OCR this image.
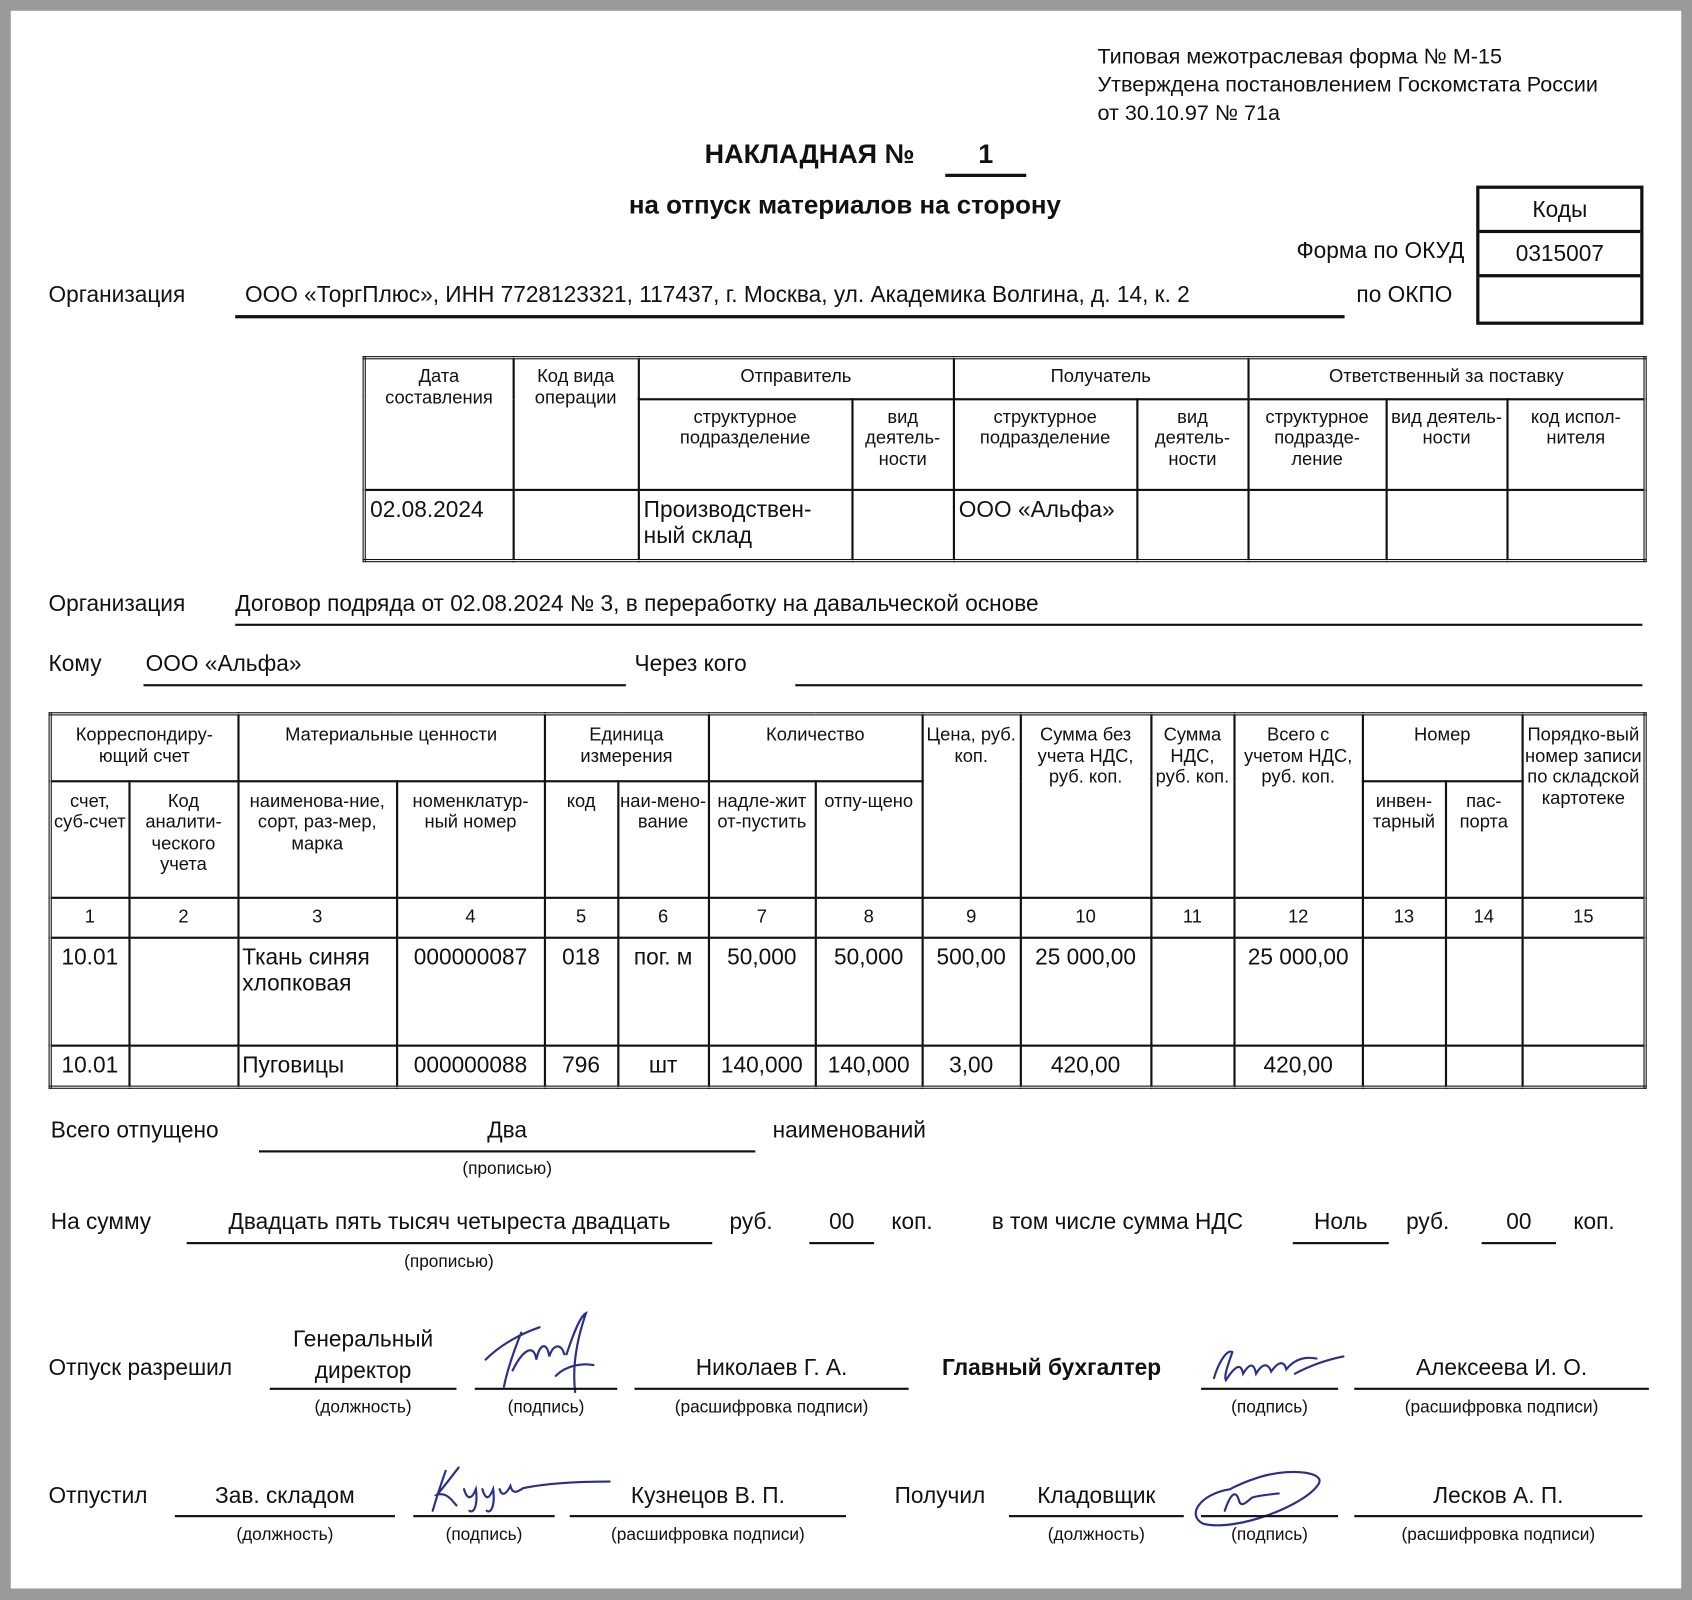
Типовая межотраслевая форма № М-15
Утверждена постановлением Госкомстата России
от 30.10.97 № 71а
НАКЛАДНАЯ №	1
на отпуск материалов на сторону	Коды
0315007
Форма по ОКУД
по ОКПО
Организация	ООО «ТоргПлюс», ИНН 7728123321, 117437, г. Москва, ул. Академика Волгина, д. 14, к. 2
Дата составления	Код вида операции	Отправитель		Получатель		Ответственный за поставку		
		структурное подразделение	вид деятель-ности	структурное подразделение	вид деятель-ности	структурное подразде-ление	вид деятель-ности	код испол-нителя
02.08.2024		Производствен-ный склад		ООО «Альфа»				
Организация Договор подряда от 02.08.2024 № 3, в переработку на давальческой основе
Кому ООО «Альфа»	Через кого
Корреспондиру-ющий счет		Материальные ценности		Единица измерения		Количество		Цена, руб. коп.	Сумма без учета НДС, руб. коп.	Сумма НДС, руб. коп.	Всего с учетом НДС, руб. коп.	Номер		Порядко-вый номер записи по складской картотеке
счет, суб-счет	Код аналити-ческого учета	наименова-ние, сорт, раз-мер, марка	номенклатур-ный номер	код	наи-мено-вание	надле-жит от-пустить	отпу-щено					инвен-тарный	пас-порта	
1	2	3	4	5	6	7	8	9	10	11	12	13	14	15
10.01		Ткань синяя хлопковая	000000087	018	пог. м	50,000	50,000	500,00	25 000,00		25 000,00			
10.01		Пуговицы	000000088	796	шт	140,000	140,000	3,00	420,00		420,00			
Всего отпущено	Два	наименований
(прописью)
На сумму	Двадцать пять тысяч четыреста двадцать	руб.	00	коп.	в том числе сумма НДС	Ноль	руб.	00	коп.
(прописью)
Отпуск разрешил
Генеральный
директор
(должность)	(подпись)
Николаев Г. А.
(расшифровка подписи)
Главный бухгалтер
(подпись)
Алексеева И. О.
(расшифровка подписи)
Отпустил	Зав. складом
(должность)	(подпись)
Кузнецов В. П.
(расшифровка подписи)
Получил	Кладовщик
(должность)	(подпись)
Лесков А. П.
(расшифровка подписи)
